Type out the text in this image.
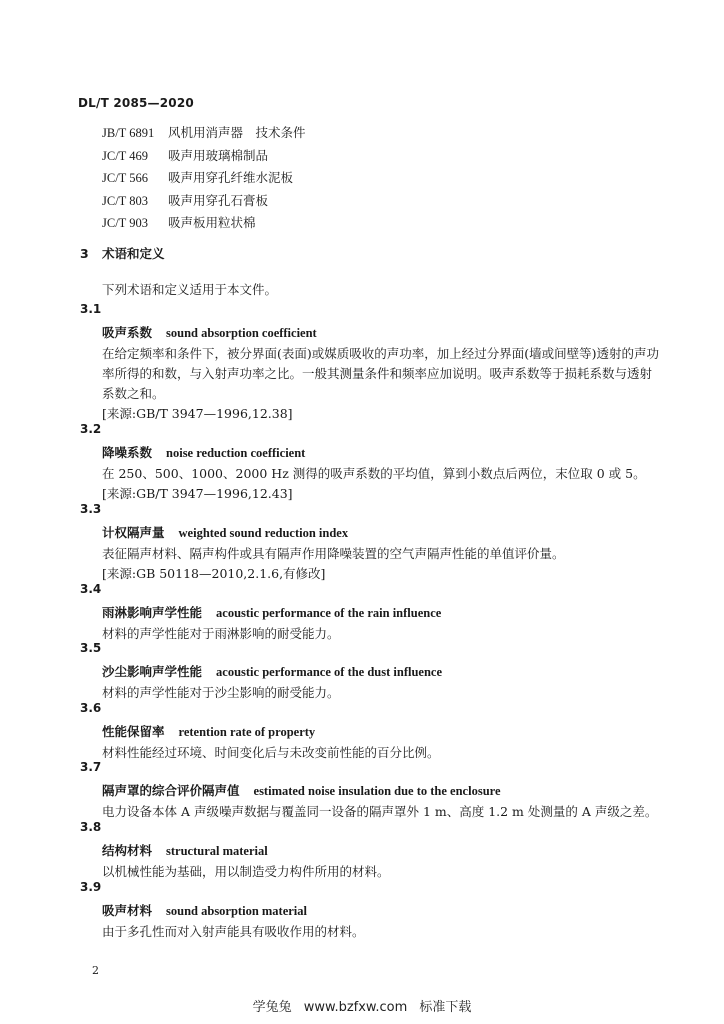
DL/T 2085—2020
JB/T 6891 风机用消声器　技术条件
JC/T 469 吸声用玻璃棉制品
JC/T 566 吸声用穿孔纤维水泥板
JC/T 803 吸声用穿孔石膏板
JC/T 903 吸声板用粒状棉
3 术语和定义
下列术语和定义适用于本文件。
3.1
吸声系数 sound absorption coefficient
在给定频率和条件下，被分界面(表面)或媒质吸收的声功率，加上经过分界面(墙或间壁等)透射的声功率所得的和数，与入射声功率之比。一般其测量条件和频率应加说明。吸声系数等于损耗系数与透射系数之和。
[来源:GB/T 3947—1996,12.38]
3.2
降噪系数 noise reduction coefficient
在 250、500、1000、2000 Hz 测得的吸声系数的平均值，算到小数点后两位，末位取 0 或 5。
[来源:GB/T 3947—1996,12.43]
3.3
计权隔声量 weighted sound reduction index
表征隔声材料、隔声构件或具有隔声作用降噪装置的空气声隔声性能的单值评价量。
[来源:GB 50118—2010,2.1.6,有修改]
3.4
雨淋影响声学性能 acoustic performance of the rain influence
材料的声学性能对于雨淋影响的耐受能力。
3.5
沙尘影响声学性能 acoustic performance of the dust influence
材料的声学性能对于沙尘影响的耐受能力。
3.6
性能保留率 retention rate of property
材料性能经过环境、时间变化后与未改变前性能的百分比例。
3.7
隔声罩的综合评价隔声值 estimated noise insulation due to the enclosure
电力设备本体 A 声级噪声数据与覆盖同一设备的隔声罩外 1 m、高度 1.2 m 处测量的 A 声级之差。
3.8
结构材料 structural material
以机械性能为基础，用以制造受力构件所用的材料。
3.9
吸声材料 sound absorption material
由于多孔性而对入射声能具有吸收作用的材料。
2
学兔兔 www.bzfxw.com 标准下载
